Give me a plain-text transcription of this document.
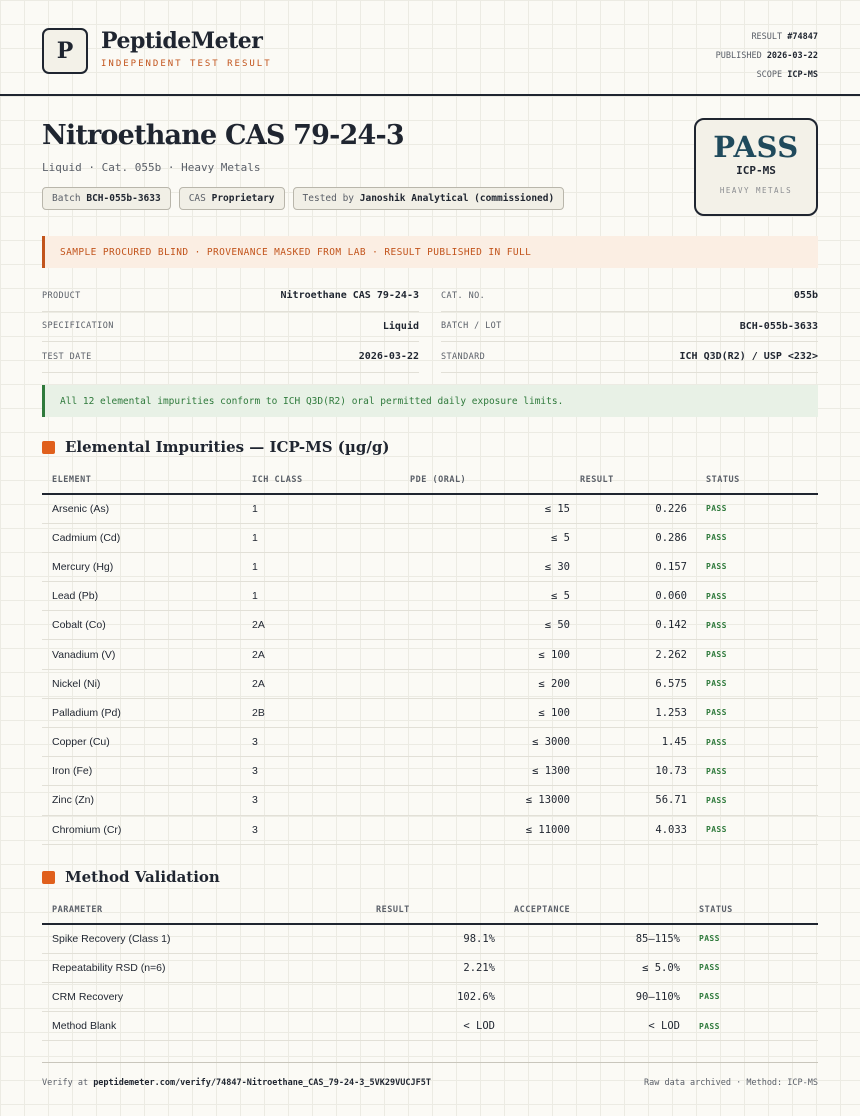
P	PeptideMeter
INDEPENDENT TEST RESULT
RESULT #74847
PUBLISHED 2026-03-22
SCOPE ICP-MS
Nitroethane CAS 79-24-3
Liquid · Cat. 055b · Heavy Metals
Batch BCH-055b-3633	CAS Proprietary	Tested by Janoshik Analytical (commissioned)
PASS
ICP-MS
HEAVY METALS
SAMPLE PROCURED BLIND · PROVENANCE MASKED FROM LAB · RESULT PUBLISHED IN FULL
PRODUCT	Nitroethane CAS 79-24-3	CAT. NO.	055b
SPECIFICATION	Liquid	BATCH / LOT	BCH-055b-3633
TEST DATE	2026-03-22	STANDARD	ICH Q3D(R2) / USP <232>
All 12 elemental impurities conform to ICH Q3D(R2) oral permitted daily exposure limits.
Elemental Impurities — ICP-MS (µg/g)
ELEMENT	ICH CLASS	PDE (ORAL)	RESULT	STATUS
Arsenic (As)	1	≤ 15	0.226	PASS
Cadmium (Cd)	1	≤ 5	0.286	PASS
Mercury (Hg)	1	≤ 30	0.157	PASS
Lead (Pb)	1	≤ 5	0.060	PASS
Cobalt (Co)	2A	≤ 50	0.142	PASS
Vanadium (V)	2A	≤ 100	2.262	PASS
Nickel (Ni)	2A	≤ 200	6.575	PASS
Palladium (Pd)	2B	≤ 100	1.253	PASS
Copper (Cu)	3	≤ 3000	1.45	PASS
Iron (Fe)	3	≤ 1300	10.73	PASS
Zinc (Zn)	3	≤ 13000	56.71	PASS
Chromium (Cr)	3	≤ 11000	4.033	PASS
Method Validation
PARAMETER	RESULT	ACCEPTANCE	STATUS
Spike Recovery (Class 1)	98.1%	85–115%	PASS
Repeatability RSD (n=6)	2.21%	≤ 5.0%	PASS
CRM Recovery	102.6%	90–110%	PASS
Method Blank	< LOD	< LOD	PASS
Verify at peptidemeter.com/verify/74847-Nitroethane_CAS_79-24-3_5VK29VUCJF5T	Raw data archived · Method: ICP-MS
